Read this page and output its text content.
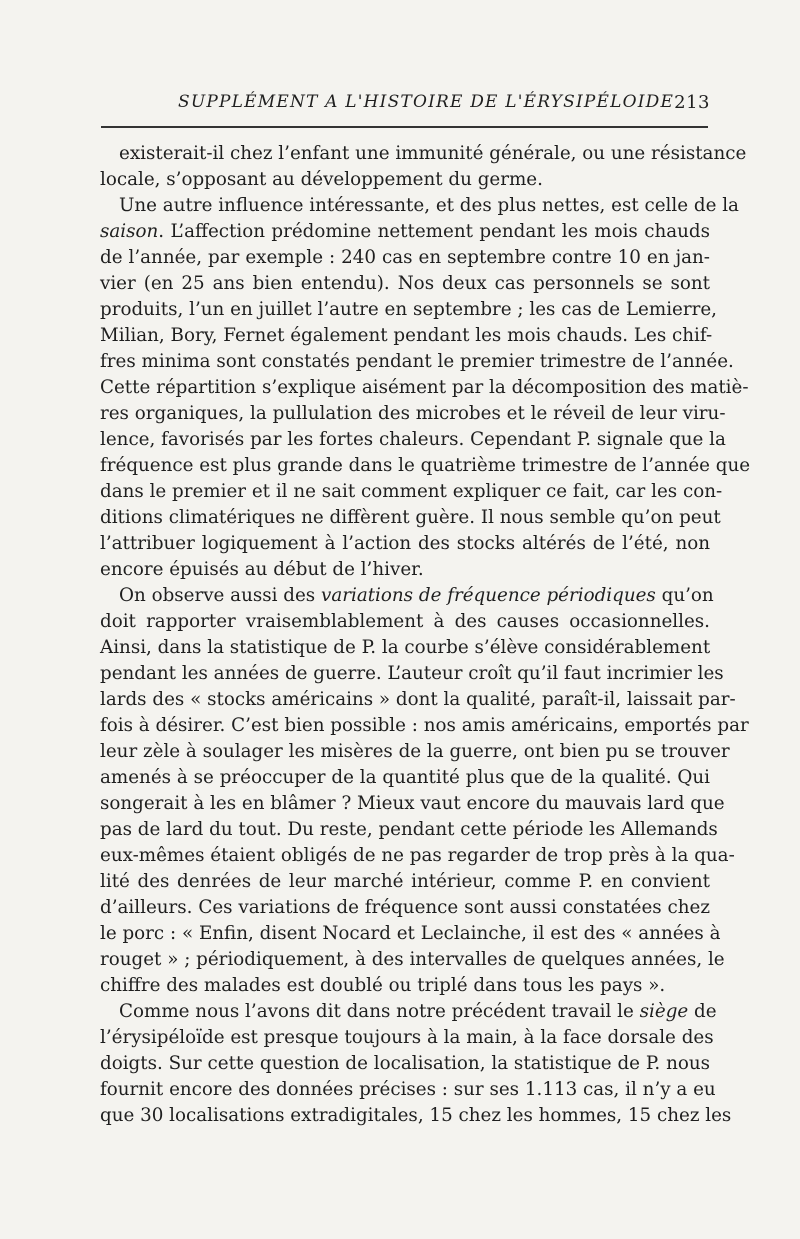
SUPPLÉMENT A L'HISTOIRE DE L'ÉRYSIPÉLOIDE 213
existerait-il chez l’enfant une immunité générale, ou une résistance
locale, s’opposant au développement du germe.
Une autre influence intéressante, et des plus nettes, est celle de la
saison. L’affection prédomine nettement pendant les mois chauds
de l’année, par exemple : 240 cas en septembre contre 10 en jan-
vier (en 25 ans bien entendu). Nos deux cas personnels se sont
produits, l’un en juillet l’autre en septembre ; les cas de Lemierre,
Milian, Bory, Fernet également pendant les mois chauds. Les chif-
fres minima sont constatés pendant le premier trimestre de l’année.
Cette répartition s’explique aisément par la décomposition des matiè-
res organiques, la pullulation des microbes et le réveil de leur viru-
lence, favorisés par les fortes chaleurs. Cependant P. signale que la
fréquence est plus grande dans le quatrième trimestre de l’année que
dans le premier et il ne sait comment expliquer ce fait, car les con-
ditions climatériques ne diffèrent guère. Il nous semble qu’on peut
l’attribuer logiquement à l’action des stocks altérés de l’été, non
encore épuisés au début de l’hiver.
On observe aussi des variations de fréquence périodiques qu’on
doit rapporter vraisemblablement à des causes occasionnelles.
Ainsi, dans la statistique de P. la courbe s’élève considérablement
pendant les années de guerre. L’auteur croît qu’il faut incrimier les
lards des « stocks américains » dont la qualité, paraît-il, laissait par-
fois à désirer. C’est bien possible : nos amis américains, emportés par
leur zèle à soulager les misères de la guerre, ont bien pu se trouver
amenés à se préoccuper de la quantité plus que de la qualité. Qui
songerait à les en blâmer ? Mieux vaut encore du mauvais lard que
pas de lard du tout. Du reste, pendant cette période les Allemands
eux-mêmes étaient obligés de ne pas regarder de trop près à la qua-
lité des denrées de leur marché intérieur, comme P. en convient
d’ailleurs. Ces variations de fréquence sont aussi constatées chez
le porc : « Enfin, disent Nocard et Leclainche, il est des « années à
rouget » ; périodiquement, à des intervalles de quelques années, le
chiffre des malades est doublé ou triplé dans tous les pays ».
Comme nous l’avons dit dans notre précédent travail le siège de
l’érysipéloïde est presque toujours à la main, à la face dorsale des
doigts. Sur cette question de localisation, la statistique de P. nous
fournit encore des données précises : sur ses 1.113 cas, il n’y a eu
que 30 localisations extradigitales, 15 chez les hommes, 15 chez les
